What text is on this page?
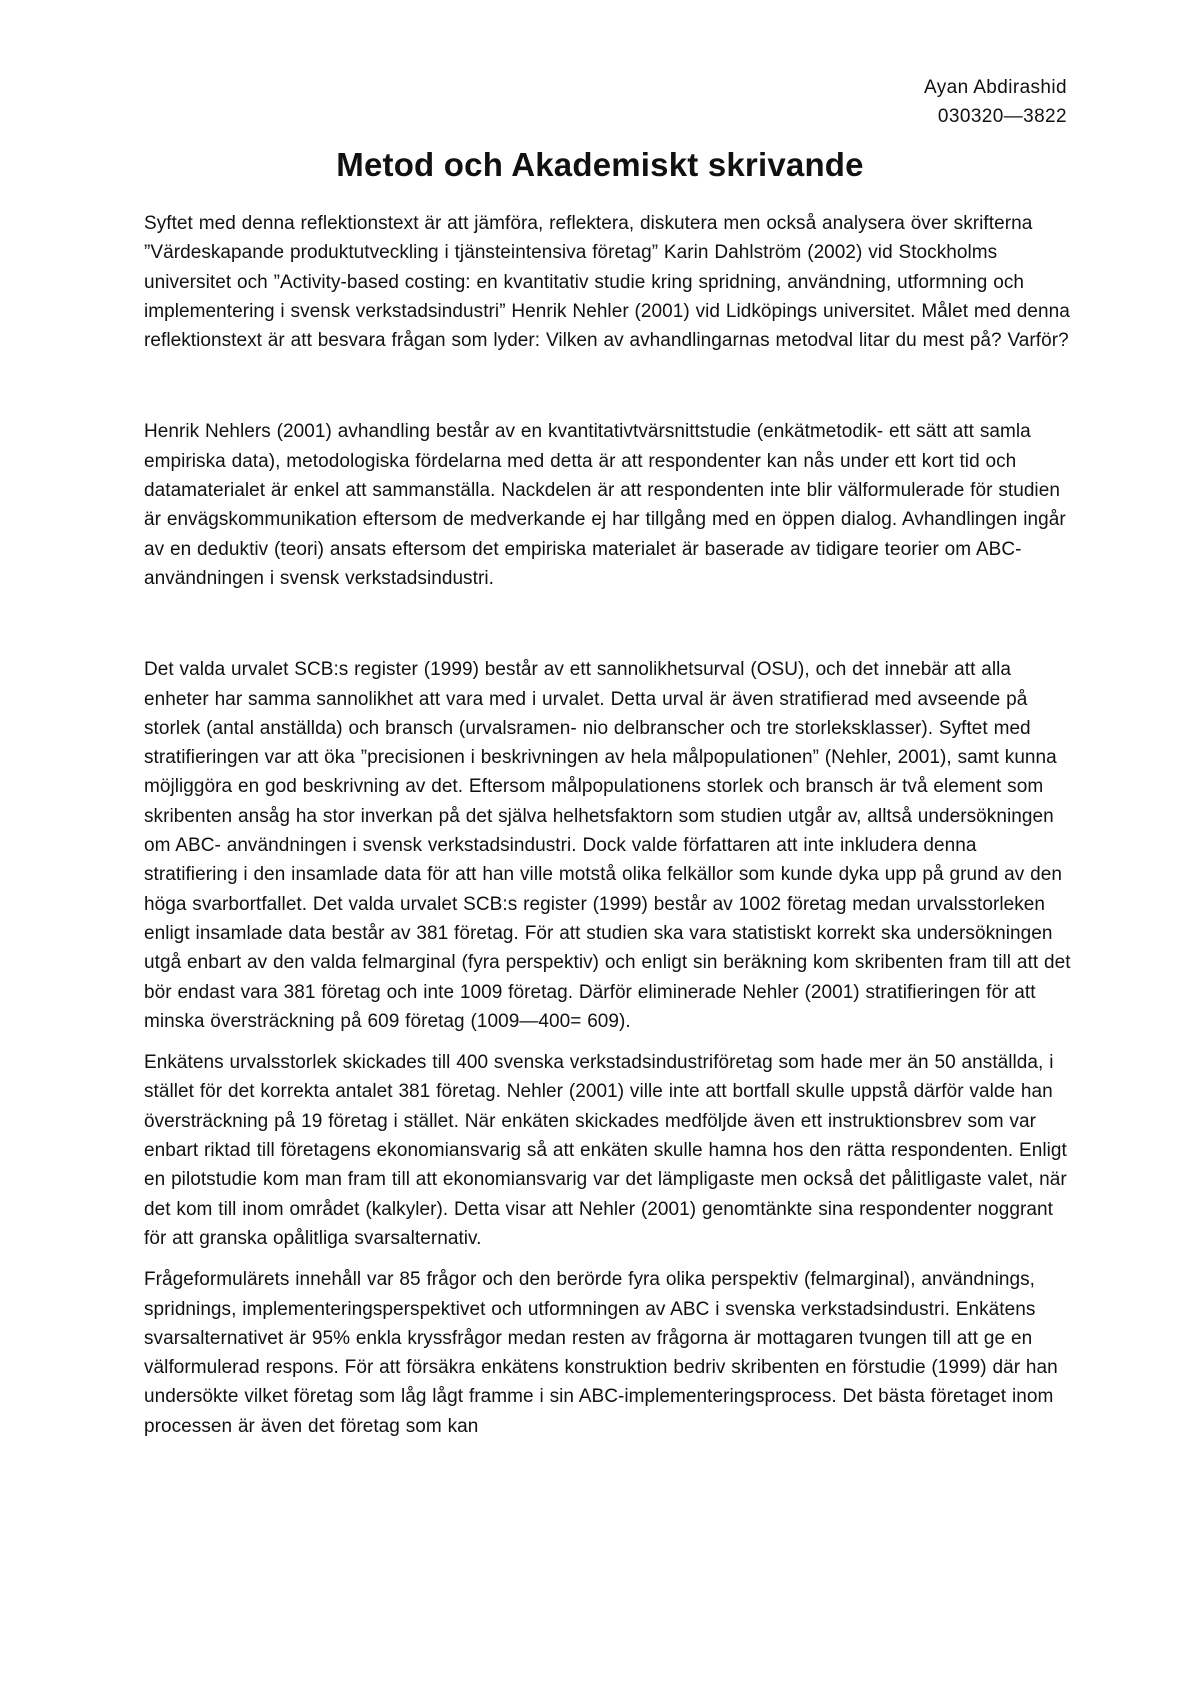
Ayan Abdirashid
030320—3822
Metod och Akademiskt skrivande

Syftet med denna reflektionstext är att jämföra, reflektera, diskutera men också analysera över skrifterna ”Värdeskapande produktutveckling i tjänsteintensiva företag” Karin Dahlström (2002) vid Stockholms universitet och ”Activity-based costing: en kvantitativ studie kring spridning, användning, utformning och implementering i svensk verkstadsindustri” Henrik Nehler (2001) vid Lidköpings universitet. Målet med denna reflektionstext är att besvara frågan som lyder: Vilken av avhandlingarnas metodval litar du mest på? Varför?

Henrik Nehlers (2001) avhandling består av en kvantitativtvärsnittstudie (enkätmetodik- ett sätt att samla empiriska data), metodologiska fördelarna med detta är att respondenter kan nås under ett kort tid och datamaterialet är enkel att sammanställa. Nackdelen är att respondenten inte blir välformulerade för studien är envägskommunikation eftersom de medverkande ej har tillgång med en öppen dialog. Avhandlingen ingår av en deduktiv (teori) ansats eftersom det empiriska materialet är baserade av tidigare teorier om ABC- användningen i svensk verkstadsindustri.

Det valda urvalet SCB:s register (1999) består av ett sannolikhetsurval (OSU), och det innebär att alla enheter har samma sannolikhet att vara med i urvalet. Detta urval är även stratifierad med avseende på storlek (antal anställda) och bransch (urvalsramen- nio delbranscher och tre storleksklasser). Syftet med stratifieringen var att öka ”precisionen i beskrivningen av hela målpopulationen” (Nehler, 2001), samt kunna möjliggöra en god beskrivning av det. Eftersom målpopulationens storlek och bransch är två element som skribenten ansåg ha stor inverkan på det själva helhetsfaktorn som studien utgår av, alltså undersökningen om ABC- användningen i svensk verkstadsindustri. Dock valde författaren att inte inkludera denna stratifiering i den insamlade data för att han ville motstå olika felkällor som kunde dyka upp på grund av den höga svarbortfallet. Det valda urvalet SCB:s register (1999) består av 1002 företag medan urvalsstorleken enligt insamlade data består av 381 företag. För att studien ska vara statistiskt korrekt ska undersökningen utgå enbart av den valda felmarginal (fyra perspektiv) och enligt sin beräkning kom skribenten fram till att det bör endast vara 381 företag och inte 1009 företag. Därför eliminerade Nehler (2001) stratifieringen för att minska översträckning på 609 företag (1009—400= 609).

Enkätens urvalsstorlek skickades till 400 svenska verkstadsindustriföretag som hade mer än 50 anställda, i stället för det korrekta antalet 381 företag. Nehler (2001) ville inte att bortfall skulle uppstå därför valde han översträckning på 19 företag i stället. När enkäten skickades medföljde även ett instruktionsbrev som var enbart riktad till företagens ekonomiansvarig så att enkäten skulle hamna hos den rätta respondenten. Enligt en pilotstudie kom man fram till att ekonomiansvarig var det lämpligaste men också det pålitligaste valet, när det kom till inom området (kalkyler). Detta visar att Nehler (2001) genomtänkte sina respondenter noggrant för att granska opålitliga svarsalternativ.

Frågeformulärets innehåll var 85 frågor och den berörde fyra olika perspektiv (felmarginal), användnings, spridnings, implementeringsperspektivet och utformningen av ABC i svenska verkstadsindustri. Enkätens svarsalternativet är 95% enkla kryssfrågor medan resten av frågorna är mottagaren tvungen till att ge en välformulerad respons. För att försäkra enkätens konstruktion bedriv skribenten en förstudie (1999) där han undersökte vilket företag som låg lågt framme i sin ABC-implementeringsprocess. Det bästa företaget inom processen är även det företag som kan
